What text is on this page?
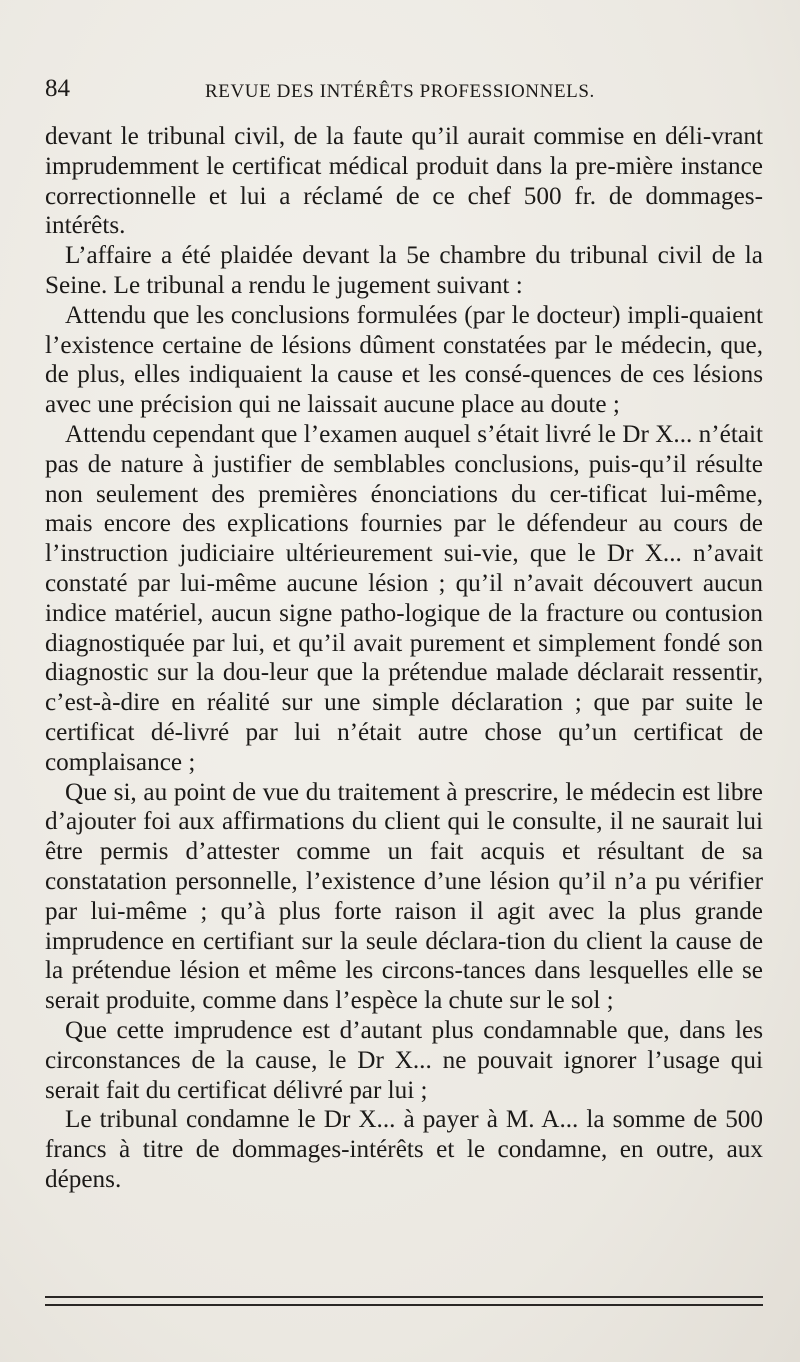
84	REVUE DES INTÉRÊTS PROFESSIONNELS.

devant le tribunal civil, de la faute qu’il aurait commise en déli-vrant imprudemment le certificat médical produit dans la pre-mière instance correctionnelle et lui a réclamé de ce chef 500 fr. de dommages-intérêts.

L’affaire a été plaidée devant la 5e chambre du tribunal civil de la Seine. Le tribunal a rendu le jugement suivant :

Attendu que les conclusions formulées (par le docteur) impli-quaient l’existence certaine de lésions dûment constatées par le médecin, que, de plus, elles indiquaient la cause et les consé-quences de ces lésions avec une précision qui ne laissait aucune place au doute ;

Attendu cependant que l’examen auquel s’était livré le Dr X... n’était pas de nature à justifier de semblables conclusions, puis-qu’il résulte non seulement des premières énonciations du cer-tificat lui-même, mais encore des explications fournies par le défendeur au cours de l’instruction judiciaire ultérieurement sui-vie, que le Dr X... n’avait constaté par lui-même aucune lésion ; qu’il n’avait découvert aucun indice matériel, aucun signe patho-logique de la fracture ou contusion diagnostiquée par lui, et qu’il avait purement et simplement fondé son diagnostic sur la dou-leur que la prétendue malade déclarait ressentir, c’est-à-dire en réalité sur une simple déclaration ; que par suite le certificat dé-livré par lui n’était autre chose qu’un certificat de complaisance ;

Que si, au point de vue du traitement à prescrire, le médecin est libre d’ajouter foi aux affirmations du client qui le consulte, il ne saurait lui être permis d’attester comme un fait acquis et résultant de sa constatation personnelle, l’existence d’une lésion qu’il n’a pu vérifier par lui-même ; qu’à plus forte raison il agit avec la plus grande imprudence en certifiant sur la seule déclara-tion du client la cause de la prétendue lésion et même les circons-tances dans lesquelles elle se serait produite, comme dans l’espèce la chute sur le sol ;

Que cette imprudence est d’autant plus condamnable que, dans les circonstances de la cause, le Dr X... ne pouvait ignorer l’usage qui serait fait du certificat délivré par lui ;

Le tribunal condamne le Dr X... à payer à M. A... la somme de 500 francs à titre de dommages-intérêts et le condamne, en outre, aux dépens.
